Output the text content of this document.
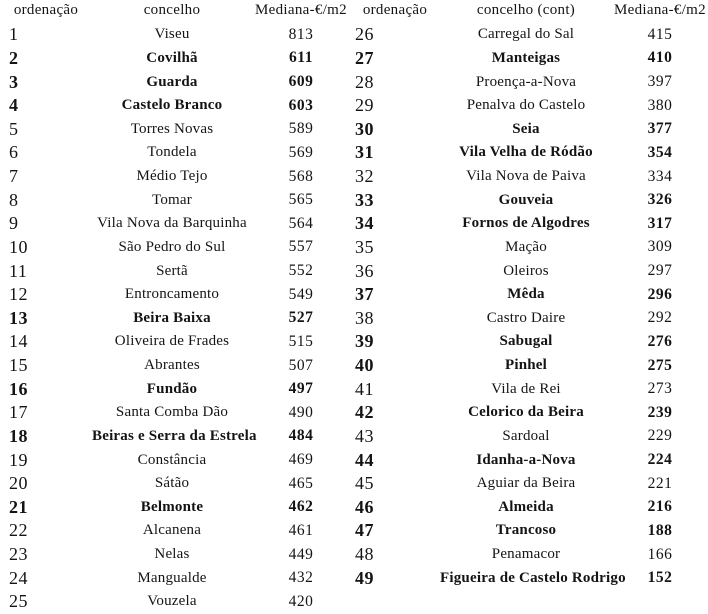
ordenação	concelho	Mediana-€/m2
1	Viseu	813
2	Covilhã	611
3	Guarda	609
4	Castelo Branco	603
5	Torres Novas	589
6	Tondela	569
7	Médio Tejo	568
8	Tomar	565
9	Vila Nova da Barquinha	564
10	São Pedro do Sul	557
11	Sertã	552
12	Entroncamento	549
13	Beira Baixa	527
14	Oliveira de Frades	515
15	Abrantes	507
16	Fundão	497
17	Santa Comba Dão	490
18	Beiras e Serra da Estrela	484
19	Constância	469
20	Sátão	465
21	Belmonte	462
22	Alcanena	461
23	Nelas	449
24	Mangualde	432
25	Vouzela	420
ordenação	concelho (cont)	Mediana-€/m2
26	Carregal do Sal	415
27	Manteigas	410
28	Proença-a-Nova	397
29	Penalva do Castelo	380
30	Seia	377
31	Vila Velha de Ródão	354
32	Vila Nova de Paiva	334
33	Gouveia	326
34	Fornos de Algodres	317
35	Mação	309
36	Oleiros	297
37	Mêda	296
38	Castro Daire	292
39	Sabugal	276
40	Pinhel	275
41	Vila de Rei	273
42	Celorico da Beira	239
43	Sardoal	229
44	Idanha-a-Nova	224
45	Aguiar da Beira	221
46	Almeida	216
47	Trancoso	188
48	Penamacor	166
49	Figueira de Castelo Rodrigo	152
